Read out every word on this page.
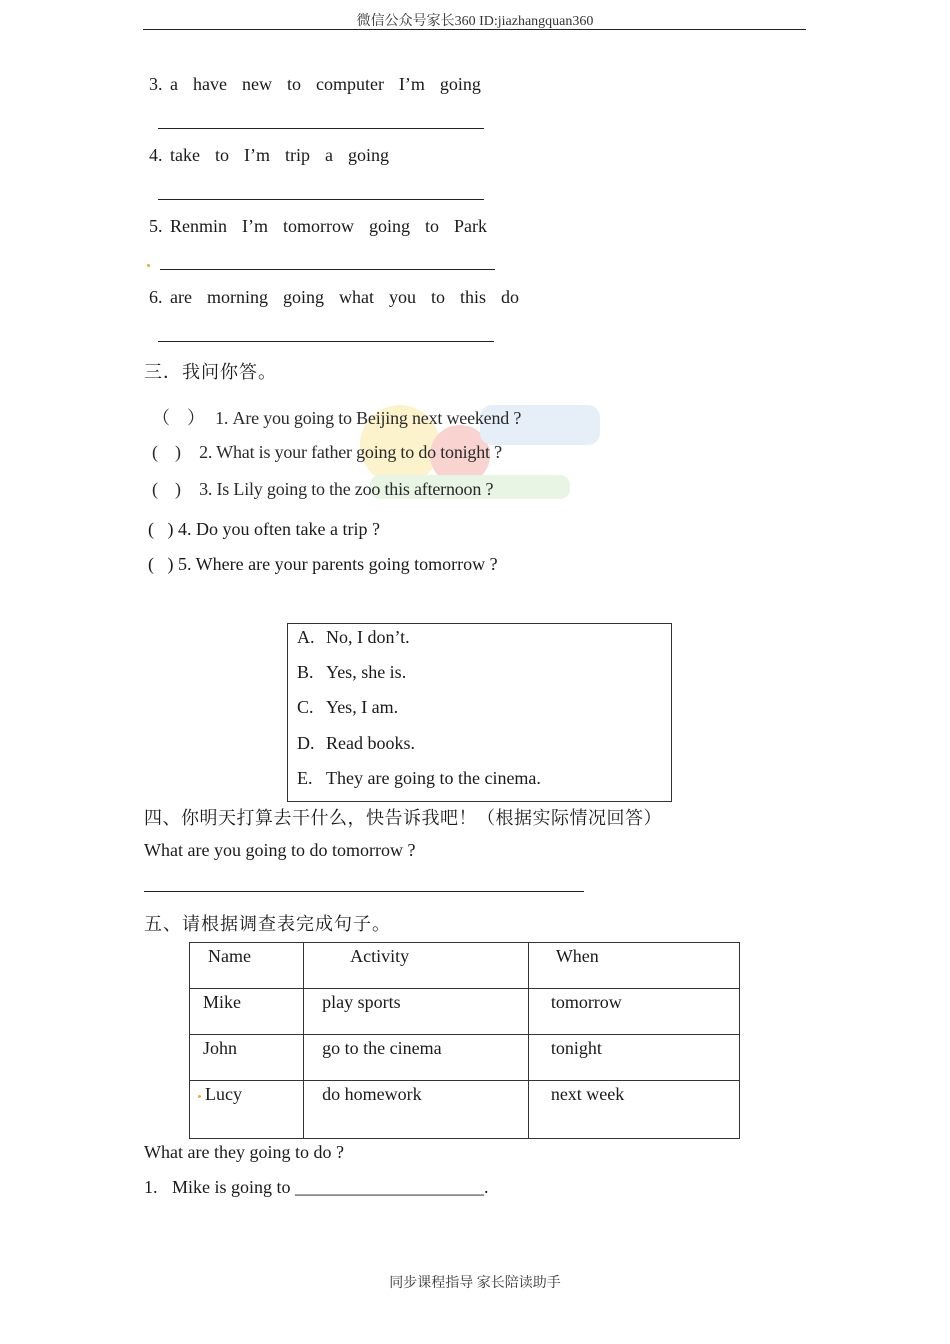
微信公众号家长360 ID:jiazhangquan360
3. a  have  new  to  computer  I’m  going
4. take  to  I’m  trip  a  going
5. Renmin  I’m  tomorrow  going  to  Park
6. are  morning  going  what  you  to  this  do
三．我问你答。
（    ） 1. Are you going to Beijing next weekend ?
(    ) 2. What is your father going to do tonight ?
(    ) 3. Is Lily going to the zoo this afternoon ?
(   ) 4. Do you often take a trip ?
(   ) 5. Where are your parents going tomorrow ?
A. No, I don’t.
B. Yes, she is.
C. Yes, I am.
D. Read books.
E. They are going to the cinema.
四、你明天打算去干什么，快告诉我吧！（根据实际情况回答）
What are you going to do tomorrow ?
五、请根据调查表完成句子。
Name	Activity	When
Mike	play sports	tomorrow
John	go to the cinema	tonight
Lucy	do homework	next week
What are they going to do ?
1. Mike is going to _____________________.
同步课程指导 家长陪读助手
